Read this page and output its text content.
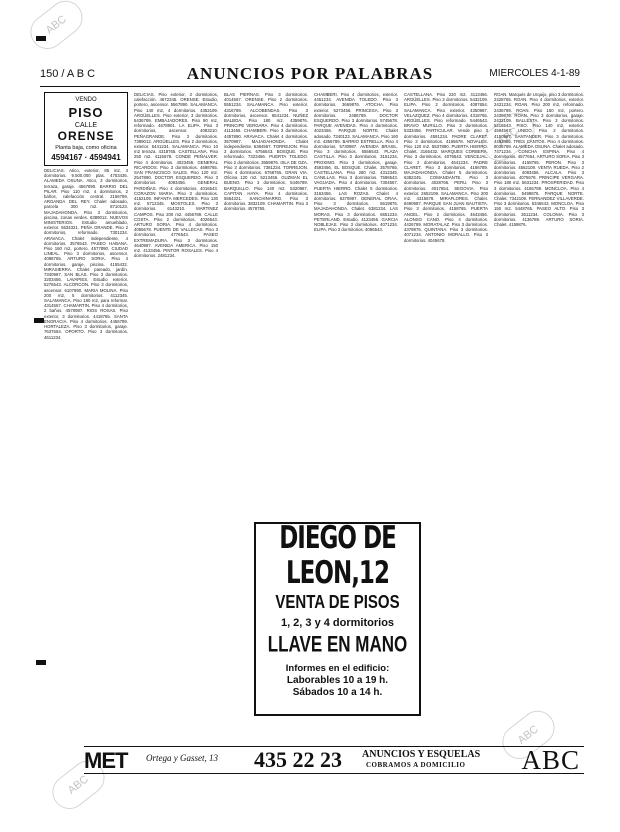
ABC
ABC
ABC
ABC
150 / A B C	ANUNCIOS POR PALABRAS	MIERCOLES 4-1-89

DELICIAS. Atico, exterior, 85 m2, 3 dormitorios. 9.500.000 ptas. 4753436. ALAMEDA OSUNA. Atico, 3 dormitorios, terraza, garaje. 4567890. BARRIO DEL PILAR. Piso 110 m2, 4 dormitorios, 2 baños, calefacción central. 2156789. ARGANDA DEL REY. Chalet adosado, parcela 300 m2. 8710123. MAJADAHONDA. Piso 3 dormitorios, piscina, zonas verdes. 6389012. NUEVOS MINISTERIOS. Estudio amueblado, exterior. 5534321. PEÑA GRANDE. Piso 2 dormitorios, reformado. 7301234. ARAVACA. Chalet independiente, 4 dormitorios. 3576543. PASEO HABANA. Piso 160 m2, portero. 4577890. CIUDAD LINEAL. Piso 3 dormitorios, ascensor. 4088765. ARTURO SORIA. Piso 4 dormitorios, garaje, piscina. 4155432. MIRASIERRA. Chalet pareado, jardín. 7340987. SAN BLAS. Piso 3 dormitorios. 3203456. LAVAPIES. Estudio exterior. 5276543. ALCORCON. Piso 3 dormitorios, ascensor. 6107890. MARIA MOLINA. Piso 200 m2, 5 dormitorios. 4112345. SALAMANCA. Piso 180 m2, para reformar. 4314567. CHAMARTIN. Piso 4 dormitorios, 2 baños. 4570987. RIOS ROSAS. Piso exterior, 3 dormitorios. 4418765. SANTA ENGRACIA. Piso 4 dormitorios. 4456789. HORTALEZA. Piso 3 dormitorios, garaje. 7637654. OPORTO. Piso 3 dormitorios. 4611234.

DELICIAS. Piso exterior, 3 dormitorios, calefacción. 4672345. ORENSE. Estudio, portero, ascensor. 5567890. SALAMANCA. Piso 140 m2, 4 dormitorios. 4352109. ARGÜELLES. Piso exterior, 3 dormitorios. 5436789. EMBAJADORES. Piso 90 m2, reformado. 4678901. LA ELIPA. Piso 3 dormitorios, ascensor. 4083210. PEÑAGRANDE. Piso 3 dormitorios. 7389012. ARGÜELLES. Piso 2 dormitorios, exterior. 5441234. SALAMANCA. Piso 10 m2 terraza. 4318765. CASTELLANA. Piso 250 m2. 4115678. CONDE PEÑALVER. Piso 4 dormitorios. 4023456. GENERAL RICARDOS. Piso 3 dormitorios. 4698765. SAN FRANCISCO SALES. Piso 120 m2. 2547890. DOCTOR ESQUERDO. Piso 3 dormitorios. 4093456. GENERAL PARDIÑAS. Piso 4 dormitorios. 4016543. CORAZON MARIA. Piso 3 dormitorios. 4152109. INFANTA MERCEDES. Piso 130 m2. 5712345. MOSTOLES. Piso 3 dormitorios. 6143210. MARTINEZ CAMPOS. Piso 200 m2. 4456789. CALLE COSTA. Piso 2 dormitorios. 4026543. ARTURO SORIA. Piso 4 dormitorios. 4055678. PUENTE DE VALLECAS. Piso 3 dormitorios. 4776543. PASEO EXTREMADURA. Piso 3 dormitorios. 4640987. AVENIDA AMERICA. Piso 150 m2. 4133456. PINTOR ROSALES. Piso 4 dormitorios. 2481234.

BLAS PIERNAS. Piso 3 dormitorios. 4014567. ORENSE. Piso 2 dormitorios. 5551234. SALAMANCA. Piso exterior. 4316789. ALCOBENDAS. Piso 3 dormitorios, ascensor. 6541234. NUÑEZ BALBOA. Piso 180 m2. 4359876. PRINCIPE VERGARA. Piso 4 dormitorios. 4113456. CHAMBERI. Piso 3 dormitorios. 4457890. ARAVACA. Chalet 4 dormitorios. 3570987. MAJADAHONDA. Chalet independiente. 6384567. TORREJON. Piso 3 dormitorios. 6756543. BOSQUE. Piso reformado. 7323456. PUERTA TOLEDO. Piso 2 dormitorios. 3659876. ISLA DE OZA. Piso 3 dormitorios. 7381234. TORREJON. Piso 4 dormitorios. 6758765. GRAN VIA. Oficina 120 m2. 5213456. GUZMAN EL BUENO. Piso 3 dormitorios. 5446789. BARQUILLO. Piso 140 m2. 5320987. CAPITAN HAYA. Piso 4 dormitorios. 5554321. SANCHINARRO. Piso 3 dormitorios. 3832109. CHAMARTIN. Piso 3 dormitorios. 4578765.

CHAMBERI. Piso 4 dormitorios, exterior. 4451234. AVENIDA TOLEDO. Piso 3 dormitorios. 3669876. ATOCHA. Piso exterior. 5273456. PRINCESA. Piso 3 dormitorios. 2486789. DOCTOR ESQUERDO. Piso 3 dormitorios. 5745678. PARQUE AVENIDAS. Piso 4 dormitorios. 4023456. PARQUE NORTE. Chalet adosado. 7340123. SALAMANCA. Piso 160 m2. 4356789. BARRIO ESTRELLA. Piso 4 dormitorios. 5730987. AVENIDA BRASIL. Piso 3 dormitorios. 5556543. PLAZA CASTILLA. Piso 3 dormitorios. 3151234. PROXIMO. Piso 3 dormitorios, garaje. 4593456. EL BOSQUE. Chalet. 3578765. CASTELLANA. Piso 280 m2. 4312345. CANILLAS. Piso 3 dormitorios. 7596543. VAGUADA. Piso 4 dormitorios. 7304567. PUERTA HIERRO. Chalet 5 dormitorios. 3163456. LAS ROZAS. Chalet 4 dormitorios. 6370987. GENERAL ORAA. Piso 3 dormitorios. 5619876. MAJADAHONDA. Chalet. 6381234. LAS MORAS. Piso 3 dormitorios. 6551234. PETERLAND. Estudio. 4123456. GARCIA NOBLEJAS. Piso 3 dormitorios. 4071234. ELIPA. Piso 3 dormitorios. 4086543.

CASTELLANA. Piso 220 m2. 4113456. ARGÜELLES. Piso 3 dormitorios. 5432109. ELIPA. Piso 2 dormitorios. 4087654. SALAMANCA. Piso exterior. 4350987. VELAZQUEZ. Piso 4 dormitorios. 4318765. ARGÜELLES. Piso reformado. 5446543. BRAVO MURILLO. Piso 3 dormitorios. 5333456. PARTICULAR. Vende piso 3 dormitorios. 4591234. PADRE CLARET. Piso 3 dormitorios. 4165678. NOVALES. Piso 120 m2. 5537890. PUERTA HIERRO. Chalet. 3165432. MARQUES CORBERA. Piso 3 dormitorios. 4076543. VENCEJAL. Piso 2 dormitorios. 4641234. PADRE CLARET. Piso 3 dormitorios. 4166789. MAJADAHONDA. Chalet 5 dormitorios. 6382345. COMANDANTE. Piso 3 dormitorios. 4028765. PERU. Piso 3 dormitorios. 4017654. SEGOVIA. Piso exterior. 2652109. SALAMANCA. Piso 200 m2. 4315678. MIRAFLORES. Chalet. 8490987. PARQUE SAN JUAN BAUTISTA. Piso 3 dormitorios. 4158765. PUERTA ANGEL. Piso 2 dormitorios. 4643456. ALONSO CANO. Piso 4 dormitorios. 4426789. MORATALAZ. Piso 3 dormitorios. 4379876. QUINTANA. Piso 3 dormitorios. 4071234. ANTONIO MORALLO. Piso 3 dormitorios. 4045678.

ROAN. Marqués de Urquijo, piso 3 dormitorios. 2428765. ROAN. Piso 4 dormitorios, exterior. 2431234. ROAN. Piso 200 m2, reformado. 2436789. ROAN. Piso 150 m2, portero. 2439876. ROAN. Piso 3 dormitorios, garaje. 2432109. BALLESTA. Piso 3 dormitorios. 5216543. PISO. Piso 140 m2, exterior. 4594567. UNIDO. Piso 2 dormitorios. 4150987. SANTANDER. Piso 3 dormitorios. 4493456. TRES CANTOS. Piso 4 dormitorios. 8036789. ALAMEDA OSUNA. Chalet adosado. 7471234. CONCHA ESPINA. Piso 4 dormitorios. 4577654. ARTURO SORIA. Piso 3 dormitorios. 4158765. PERON. Piso 3 dormitorios. 4562109. VENTA RUEDA. Piso 2 dormitorios. 4083456. ALCALA. Piso 3 dormitorios. 4075678. PRINCIPE VERGARA. Piso 180 m2. 5631234. PROSPERIDAD. Piso 3 dormitorios. 4156789. MONCLOA. Piso 4 dormitorios. 5499876. PARQUE NORTE. Chalet. 7342109. FERNANDEZ VILLAVERDE. Piso 3 dormitorios. 5346543. MONCLOA. Piso 150 m2. 5448765. PASEO ALTO. Piso 3 dormitorios. 3511234. COLONIA. Piso 3 dormitorios. 4136789. ARTURO SORIA. Chalet. 4159876.

VENDO
PISO
CALLE
ORENSE
Planta baja, como oficina
4594167 · 4594941
DIEGO DE LEON,12
VENTA DE PISOS
1, 2, 3 y 4 dormitorios
LLAVE EN MANO
Informes en el edificio:
Laborables 10 a 19 h.
Sábados 10 a 14 h.
MET Ortega y Gasset, 13 435 22 23 ANUNCIOS Y ESQUELAS
COBRAMOS A DOMICILIO ABC
